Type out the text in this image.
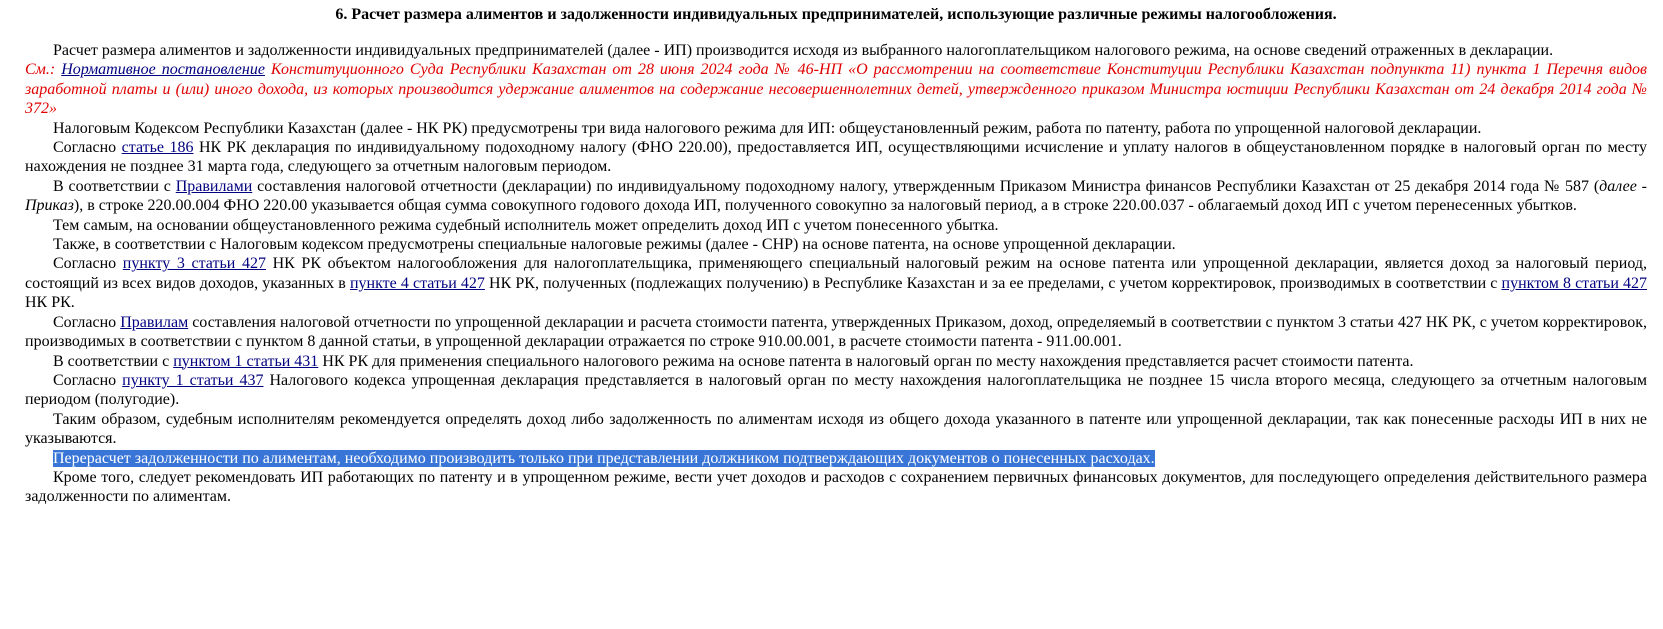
6. Расчет размера алиментов и задолженности индивидуальных предпринимателей, использующие различные режимы налогообложения.

Расчет размера алиментов и задолженности индивидуальных предпринимателей (далее - ИП) производится исходя из выбранного налогоплательщиком налогового режима, на основе сведений отраженных в декларации.

См.: Нормативное постановление Конституционного Суда Республики Казахстан от 28 июня 2024 года № 46-НП «О рассмотрении на соответствие Конституции Республики Казахстан подпункта 11) пункта 1 Перечня видов заработной платы и (или) иного дохода, из которых производится удержание алиментов на содержание несовершеннолетних детей, утвержденного приказом Министра юстиции Республики Казахстан от 24 декабря 2014 года № 372»

Налоговым Кодексом Республики Казахстан (далее - НК РК) предусмотрены три вида налогового режима для ИП: общеустановленный режим, работа по патенту, работа по упрощенной налоговой декларации.

Согласно статье 186 НК РК декларация по индивидуальному подоходному налогу (ФНО 220.00), предоставляется ИП, осуществляющими исчисление и уплату налогов в общеустановленном порядке в налоговый орган по месту нахождения не позднее 31 марта года, следующего за отчетным налоговым периодом.

В соответствии с Правилами составления налоговой отчетности (декларации) по индивидуальному подоходному налогу, утвержденным Приказом Министра финансов Республики Казахстан от 25 декабря 2014 года № 587 (далее - Приказ), в строке 220.00.004 ФНО 220.00 указывается общая сумма совокупного годового дохода ИП, полученного совокупно за налоговый период, а в строке 220.00.037 - облагаемый доход ИП с учетом перенесенных убытков.

Тем самым, на основании общеустановленного режима судебный исполнитель может определить доход ИП с учетом понесенного убытка.

Также, в соответствии с Налоговым кодексом предусмотрены специальные налоговые режимы (далее - СНР) на основе патента, на основе упрощенной декларации.

Согласно пункту 3 статьи 427 НК РК объектом налогообложения для налогоплательщика, применяющего специальный налоговый режим на основе патента или упрощенной декларации, является доход за налоговый период, состоящий из всех видов доходов, указанных в пункте 4 статьи 427 НК РК, полученных (подлежащих получению) в Республике Казахстан и за ее пределами, с учетом корректировок, производимых в соответствии с пунктом 8 статьи 427 НК РК.

Согласно Правилам составления налоговой отчетности по упрощенной декларации и расчета стоимости патента, утвержденных Приказом, доход, определяемый в соответствии с пунктом 3 статьи 427 НК РК, с учетом корректировок, производимых в соответствии с пунктом 8 данной статьи, в упрощенной декларации отражается по строке 910.00.001, в расчете стоимости патента - 911.00.001.

В соответствии с пунктом 1 статьи 431 НК РК для применения специального налогового режима на основе патента в налоговый орган по месту нахождения представляется расчет стоимости патента.

Согласно пункту 1 статьи 437 Налогового кодекса упрощенная декларация представляется в налоговый орган по месту нахождения налогоплательщика не позднее 15 числа второго месяца, следующего за отчетным налоговым периодом (полугодие).

Таким образом, судебным исполнителям рекомендуется определять доход либо задолженность по алиментам исходя из общего дохода указанного в патенте или упрощенной декларации, так как понесенные расходы ИП в них не указываются.

Перерасчет задолженности по алиментам, необходимо производить только при представлении должником подтверждающих документов о понесенных расходах.

Кроме того, следует рекомендовать ИП работающих по патенту и в упрощенном режиме, вести учет доходов и расходов с сохранением первичных финансовых документов, для последующего определения действительного размера задолженности по алиментам.
